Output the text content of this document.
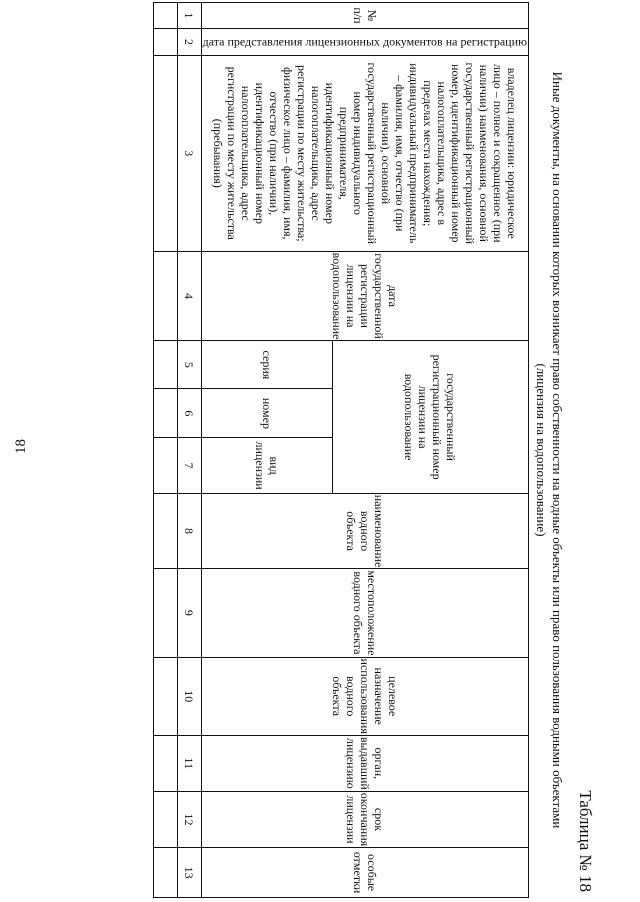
18
Таблица № 18
Иные документы, на основании которых возникает право собственности на водные объекты или право пользования водными объектами
(лицензия на водопользование)
№ п/п	дата представления лицензионных документов на регистрацию	владелец лицензии: юридическое лицо – полное и сокращенное (при наличии) наименования, основной государственный регистрационный номер, идентификационный номер налогоплательщика, адрес в пределах места нахождения; индивидуальный предприниматель – фамилия, имя, отчество (при наличии), основной государственный регистрационный номер индивидуального предпринимателя, идентификационный номер налогоплательщика, адрес регистрации по месту жительства; физическое лицо – фамилия, имя, отчество (при наличии), идентификационный номер налогоплательщика, адрес регистрации по месту жительства (пребывания)	дата государственной регистрации лицензии на водопользование	государственный регистрационный номер лицензии на водопользование			наименование водного объекта	местоположение водного объекта	целевое назначение использования водного объекта	орган, выдавший лицензию	срок окончания лицензии	особые отметки
				серия	номер	вид лицензии						
1	2	3	4	5	6	7	8	9	10	11	12	13
